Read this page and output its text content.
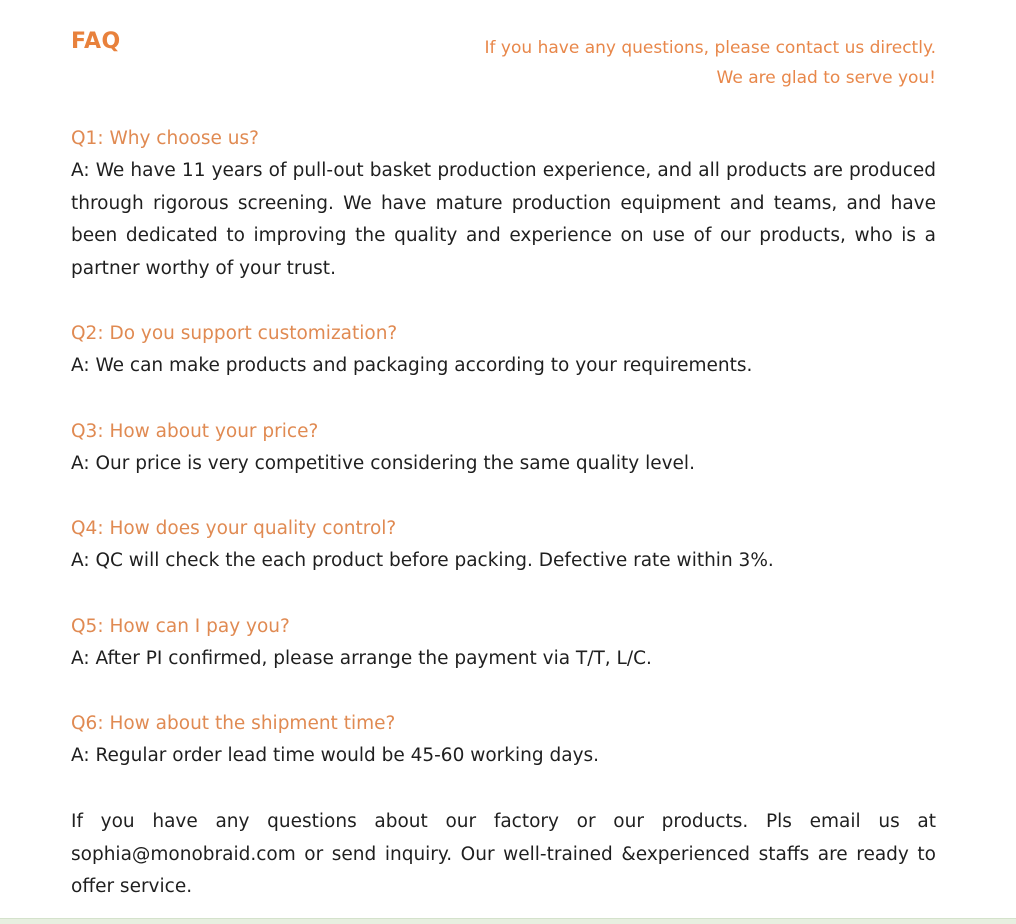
FAQ	If you have any questions, please contact us directly.
We are glad to serve you!
Q1: Why choose us?
A: We have 11 years of pull-out basket production experience, and all products are produced through rigorous screening. We have mature production equipment and teams, and have been dedicated to improving the quality and experience on use of our products, who is a partner worthy of your trust.
Q2: Do you support customization?
A: We can make products and packaging according to your requirements.
Q3: How about your price?
A: Our price is very competitive considering the same quality level.
Q4: How does your quality control?
A: QC will check the each product before packing. Defective rate within 3%.
Q5: How can I pay you?
A: After PI confirmed, please arrange the payment via T/T, L/C.
Q6: How about the shipment time?
A: Regular order lead time would be 45-60 working days.
If you have any questions about our factory or our products. Pls email us at sophia@monobraid.com or send inquiry. Our well-trained &experienced staffs are ready to offer service.
